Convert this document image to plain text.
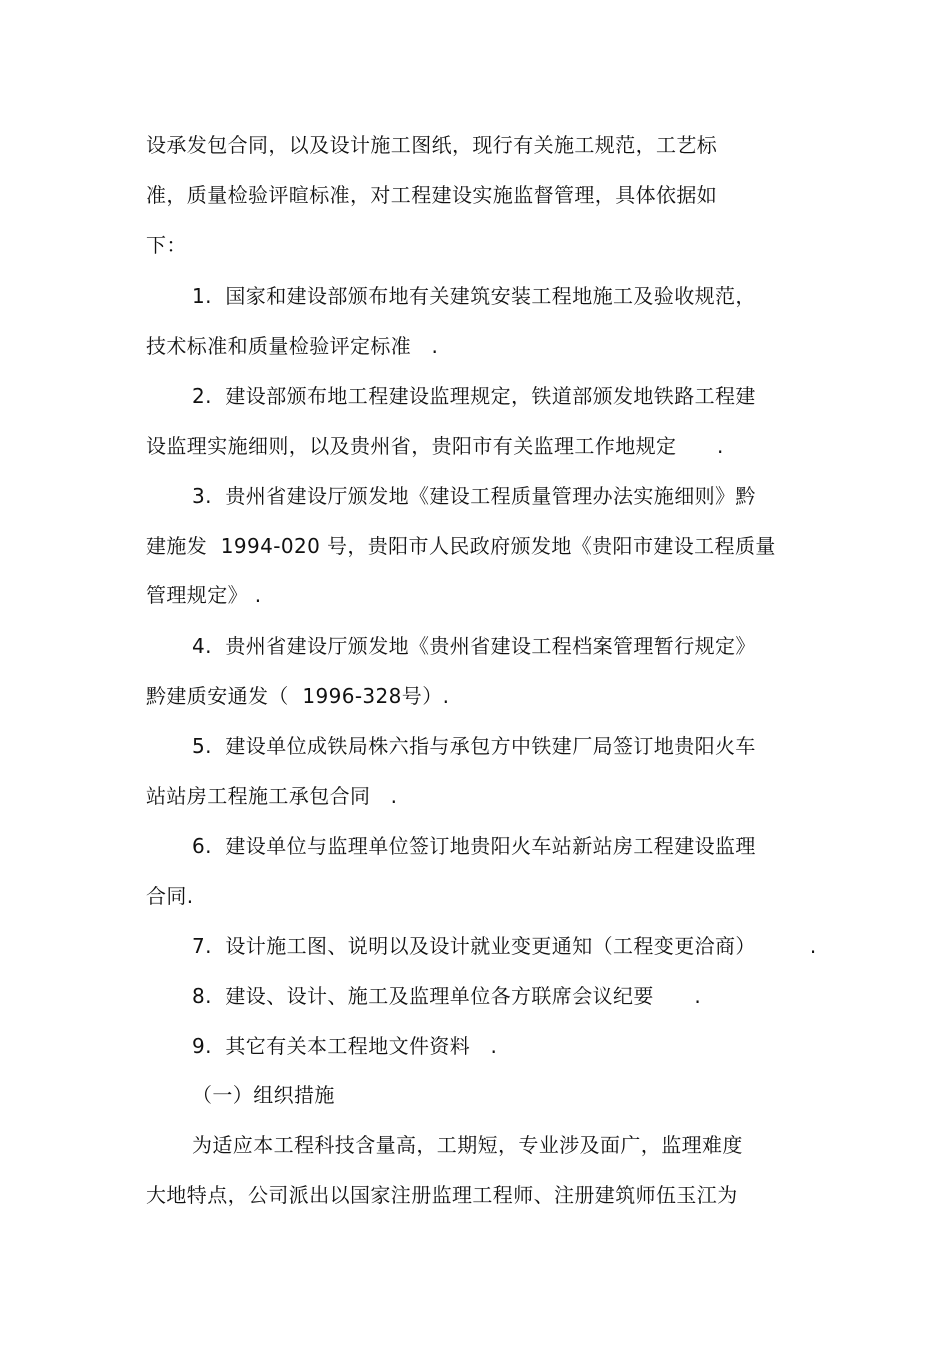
设承发包合同，以及设计施工图纸，现行有关施工规范，工艺标

准，质量检验评暄标准，对工程建设实施监督管理，具体依据如

下：

1.  国家和建设部颁布地有关建筑安装工程地施工及验收规范，

技术标准和质量检验评定标准   .

2.  建设部颁布地工程建设监理规定，铁道部颁发地铁路工程建

设监理实施细则，以及贵州省，贵阳市有关监理工作地规定      .

3.  贵州省建设厅颁发地《建设工程质量管理办法实施细则》黔

建施发  1994-020 号，贵阳市人民政府颁发地《贵阳市建设工程质量

管理规定》 .

4.  贵州省建设厅颁发地《贵州省建设工程档案管理暂行规定》

黔建质安通发（  1996-328号）.

5.  建设单位成铁局株六指与承包方中铁建厂局签订地贵阳火车

站站房工程施工承包合同   .

6.  建设单位与监理单位签订地贵阳火车站新站房工程建设监理

合同.

7.  设计施工图、说明以及设计就业变更通知（工程变更洽商）        .

8.  建设、设计、施工及监理单位各方联席会议纪要      .

9.  其它有关本工程地文件资料   .

（一）组织措施

为适应本工程科技含量高，工期短，专业涉及面广，监理难度

大地特点，公司派出以国家注册监理工程师、注册建筑师伍玉江为
